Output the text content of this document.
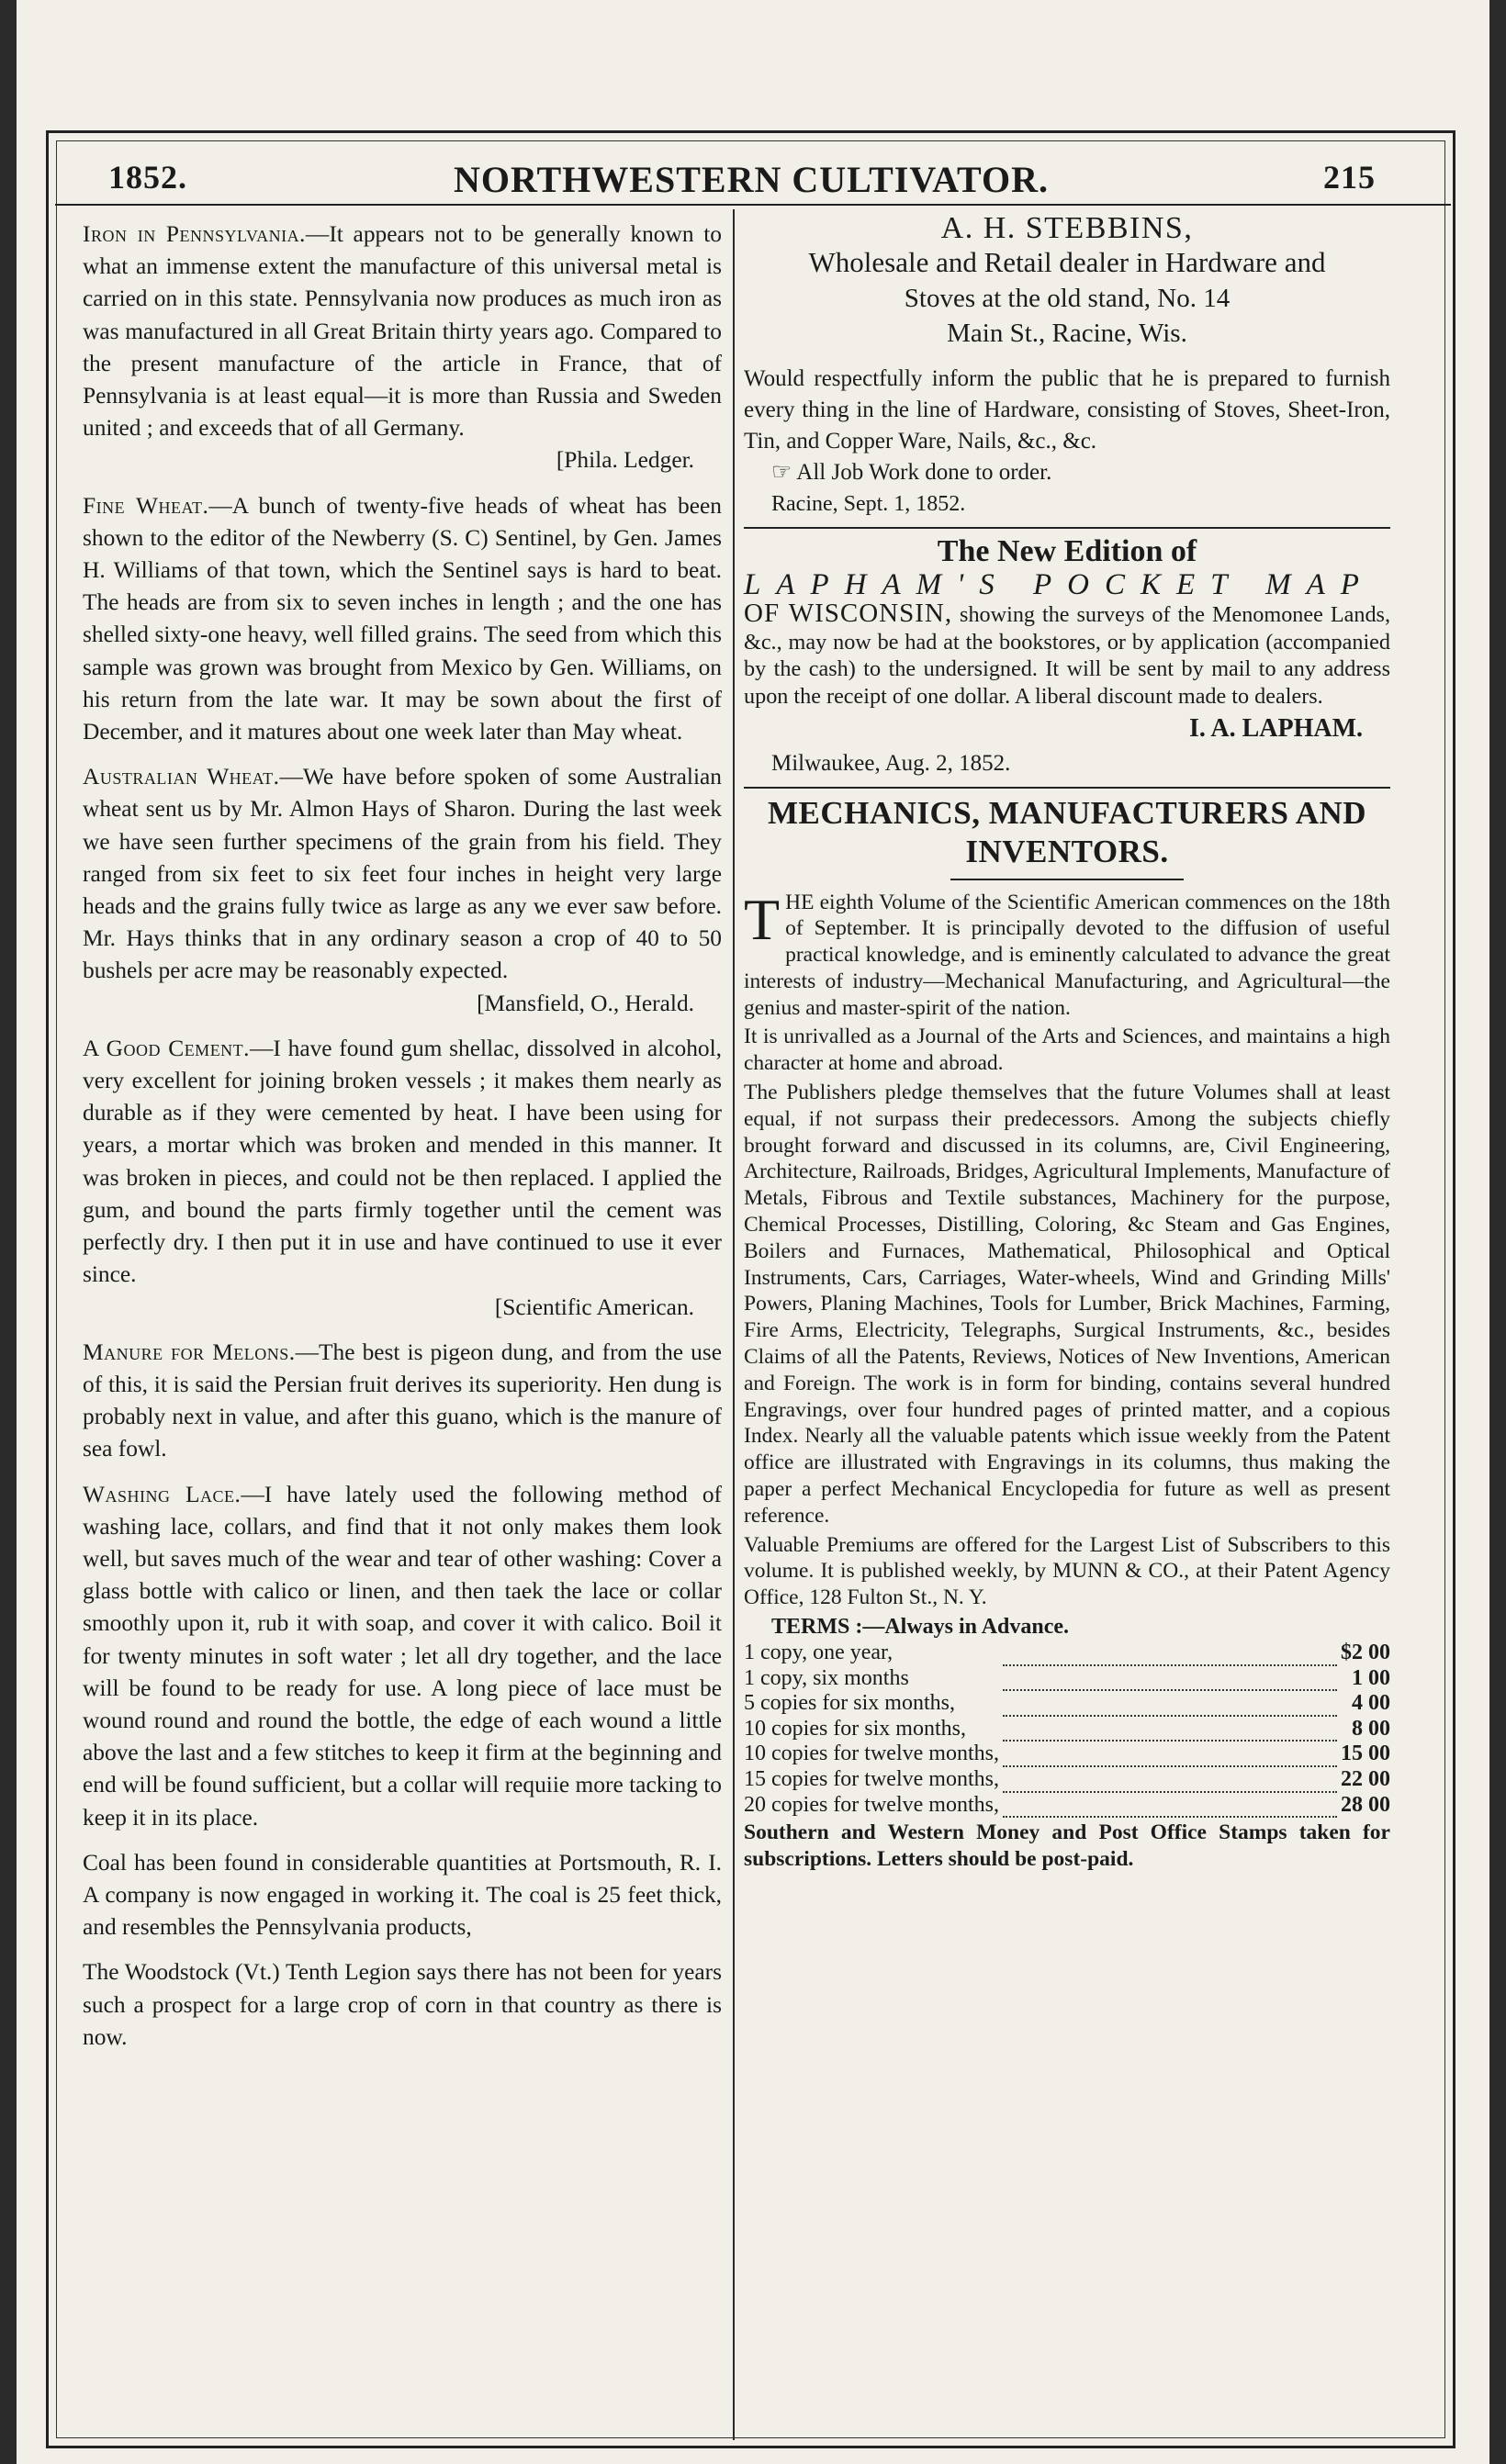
1852.	NORTHWESTERN CULTIVATOR.	215

Iron in Pennsylvania.—It appears not to be generally known to what an immense extent the manufacture of this universal metal is carried on in this state. Pennsylvania now produces as much iron as was manufactured in all Great Britain thirty years ago. Compared to the present manufacture of the article in France, that of Pennsylvania is at least equal—it is more than Russia and Sweden united ; and exceeds that of all Germany.
[Phila. Ledger.

Fine Wheat.—A bunch of twenty-five heads of wheat has been shown to the editor of the Newberry (S. C) Sentinel, by Gen. James H. Williams of that town, which the Sentinel says is hard to beat. The heads are from six to seven inches in length ; and the one has shelled sixty-one heavy, well filled grains. The seed from which this sample was grown was brought from Mexico by Gen. Williams, on his return from the late war. It may be sown about the first of December, and it matures about one week later than May wheat.

Australian Wheat.—We have before spoken of some Australian wheat sent us by Mr. Almon Hays of Sharon. During the last week we have seen further specimens of the grain from his field. They ranged from six feet to six feet four inches in height very large heads and the grains fully twice as large as any we ever saw before. Mr. Hays thinks that in any ordinary season a crop of 40 to 50 bushels per acre may be reasonably expected.
[Mansfield, O., Herald.

A Good Cement.—I have found gum shellac, dissolved in alcohol, very excellent for joining broken vessels ; it makes them nearly as durable as if they were cemented by heat. I have been using for years, a mortar which was broken and mended in this manner. It was broken in pieces, and could not be then replaced. I applied the gum, and bound the parts firmly together until the cement was perfectly dry. I then put it in use and have continued to use it ever since.
[Scientific American.

Manure for Melons.—The best is pigeon dung, and from the use of this, it is said the Persian fruit derives its superiority. Hen dung is probably next in value, and after this guano, which is the manure of sea fowl.

Washing Lace.—I have lately used the following method of washing lace, collars, and find that it not only makes them look well, but saves much of the wear and tear of other washing: Cover a glass bottle with calico or linen, and then taek the lace or collar smoothly upon it, rub it with soap, and cover it with calico. Boil it for twenty minutes in soft water ; let all dry together, and the lace will be found to be ready for use. A long piece of lace must be wound round and round the bottle, the edge of each wound a little above the last and a few stitches to keep it firm at the beginning and end will be found sufficient, but a collar will requiie more tacking to keep it in its place.

Coal has been found in considerable quantities at Portsmouth, R. I. A company is now engaged in working it. The coal is 25 feet thick, and resembles the Pennsylvania products,

The Woodstock (Vt.) Tenth Legion says there has not been for years such a prospect for a large crop of corn in that country as there is now.

A. H. STEBBINS,

Wholesale and Retail dealer in Hardware and

Stoves at the old stand, No. 14

Main St., Racine, Wis.

Would respectfully inform the public that he is prepared to furnish every thing in the line of Hardware, consisting of Stoves, Sheet-Iron, Tin, and Copper Ware, Nails, &c., &c.

☞ All Job Work done to order.

Racine, Sept. 1, 1852.

The New Edition of

LAPHAM'S POCKET MAP

OF WISCONSIN, showing the surveys of the Menomonee Lands, &c., may now be had at the bookstores, or by application (accompanied by the cash) to the undersigned. It will be sent by mail to any address upon the receipt of one dollar. A liberal discount made to dealers.

I. A. LAPHAM.

Milwaukee, Aug. 2, 1852.

MECHANICS, MANUFACTURERS AND

INVENTORS.

THE eighth Volume of the Scientific American commences on the 18th of September. It is principally devoted to the diffusion of useful practical knowledge, and is eminently calculated to advance the great interests of industry—Mechanical Manufacturing, and Agricultural—the genius and master-spirit of the nation.

It is unrivalled as a Journal of the Arts and Sciences, and maintains a high character at home and abroad.

The Publishers pledge themselves that the future Volumes shall at least equal, if not surpass their predecessors. Among the subjects chiefly brought forward and discussed in its columns, are, Civil Engineering, Architecture, Railroads, Bridges, Agricultural Implements, Manufacture of Metals, Fibrous and Textile substances, Machinery for the purpose, Chemical Processes, Distilling, Coloring, &c Steam and Gas Engines, Boilers and Furnaces, Mathematical, Philosophical and Optical Instruments, Cars, Carriages, Water-wheels, Wind and Grinding Mills' Powers, Planing Machines, Tools for Lumber, Brick Machines, Farming, Fire Arms, Electricity, Telegraphs, Surgical Instruments, &c., besides Claims of all the Patents, Reviews, Notices of New Inventions, American and Foreign. The work is in form for binding, contains several hundred Engravings, over four hundred pages of printed matter, and a copious Index. Nearly all the valuable patents which issue weekly from the Patent office are illustrated with Engravings in its columns, thus making the paper a perfect Mechanical Encyclopedia for future as well as present reference.

Valuable Premiums are offered for the Largest List of Subscribers to this volume. It is published weekly, by MUNN & CO., at their Patent Agency Office, 128 Fulton St., N. Y.

TERMS :—Always in Advance.

1 copy, one year,		$2 00
1 copy, six months		1 00
5 copies for six months,		4 00
10 copies for six months,		8 00
10 copies for twelve months,		15 00
15 copies for twelve months,		22 00
20 copies for twelve months,		28 00

Southern and Western Money and Post Office Stamps taken for subscriptions. Letters should be post-paid.
